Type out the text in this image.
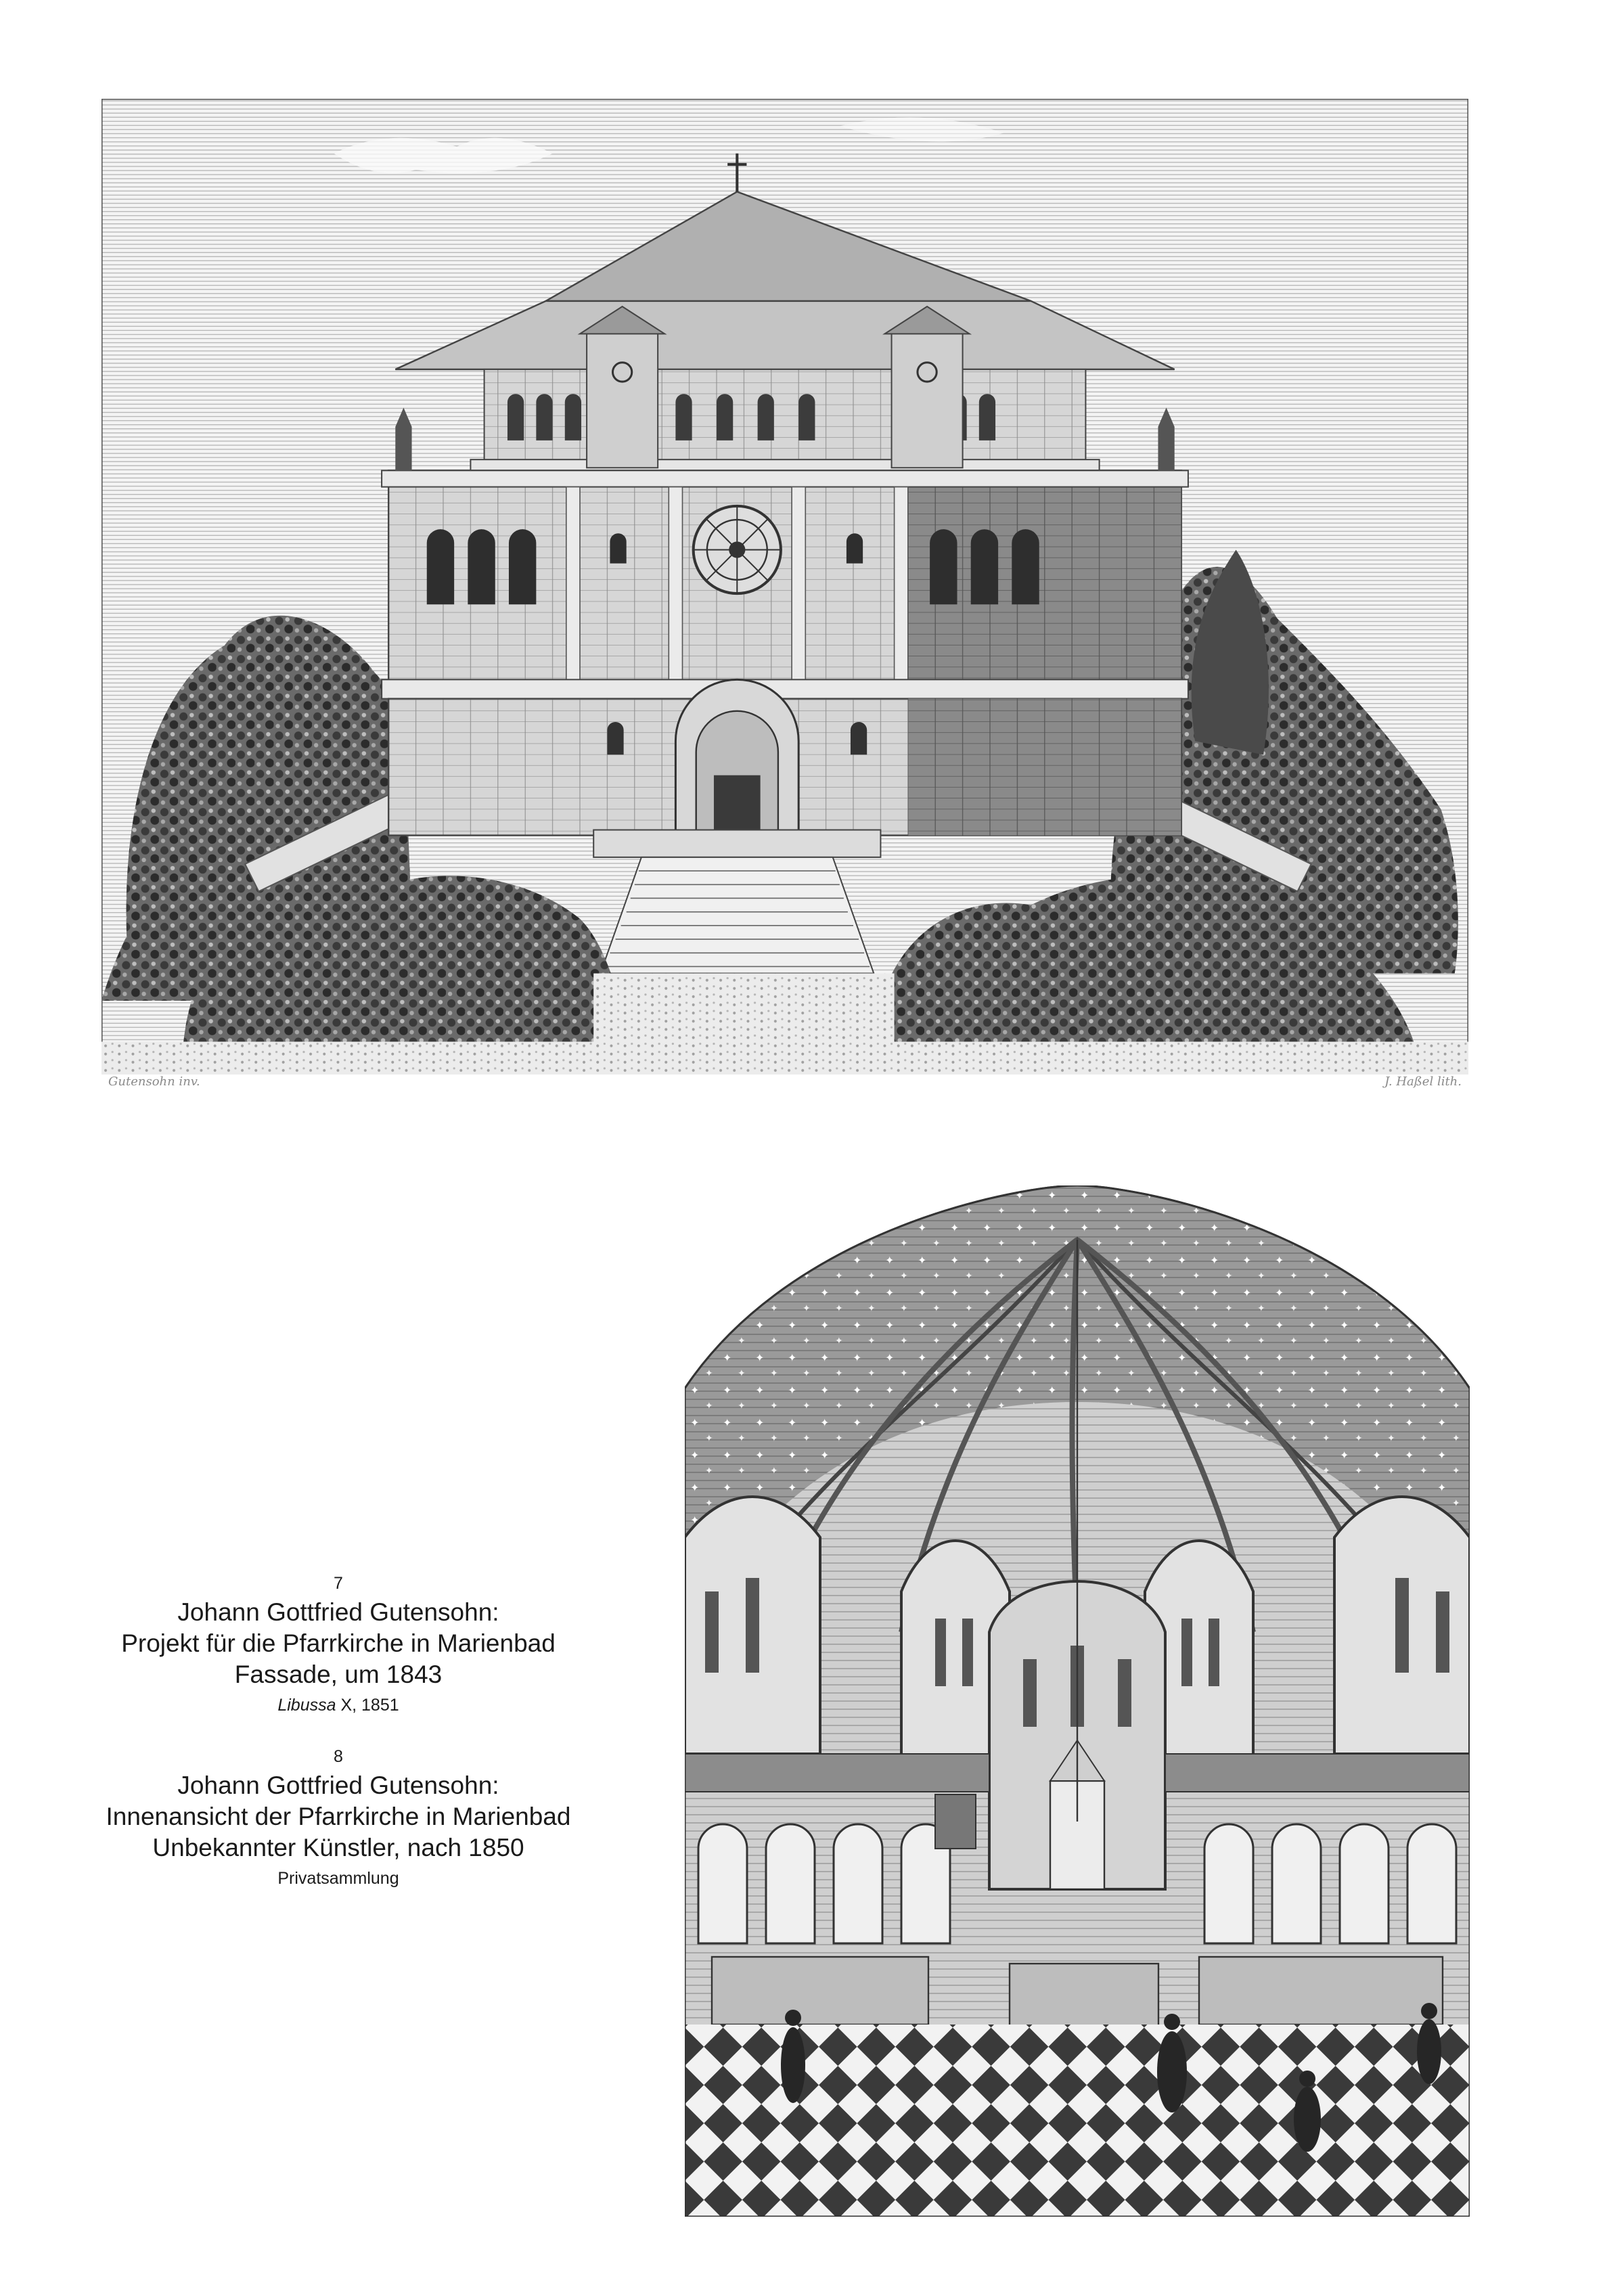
Gutensohn inv.	J. Haßel lith.
7
Johann Gottfried Gutensohn:
Projekt für die Pfarrkirche in Marienbad
Fassade, um 1843
Libussa X, 1851
8
Johann Gottfried Gutensohn:
Innenansicht der Pfarrkirche in Marienbad
Unbekannter Künstler, nach 1850
Privatsammlung
